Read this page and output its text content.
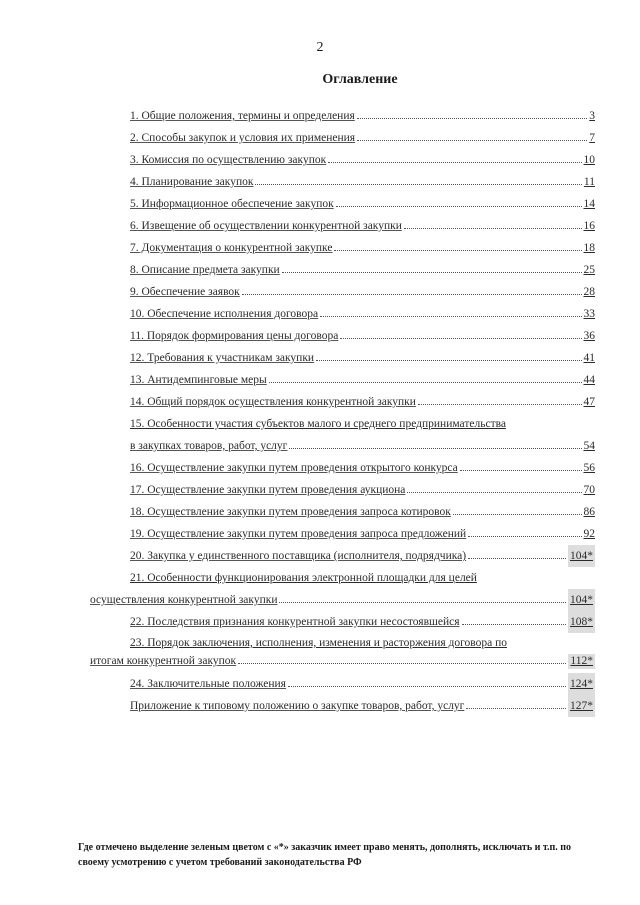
2
Оглавление
1. Общие положения, термины и определения	3
2. Способы закупок и условия их применения	7
3. Комиссия по осуществлению закупок	10
4. Планирование закупок	11
5. Информационное обеспечение закупок	14
6. Извещение об осуществлении конкурентной закупки	16
7. Документация о конкурентной закупке	18
8. Описание предмета закупки	25
9. Обеспечение заявок	28
10. Обеспечение исполнения договора	33
11. Порядок формирования цены договора	36
12. Требования к участникам закупки	41
13. Антидемпинговые меры	44
14. Общий порядок осуществления конкурентной закупки	47
15. Особенности участия субъектов малого и среднего предпринимательства
в закупках товаров, работ, услуг	54
16. Осуществление закупки путем проведения открытого конкурса	56
17. Осуществление закупки путем проведения аукциона	70
18. Осуществление закупки путем проведения запроса котировок	86
19. Осуществление закупки путем проведения запроса предложений	92
20. Закупка у единственного поставщика (исполнителя, подрядчика)	104*
21. Особенности функционирования электронной площадки для целей
осуществления конкурентной закупки	104*
22. Последствия признания конкурентной закупки несостоявшейся	108*
23. Порядок заключения, исполнения, изменения и расторжения договора по
итогам конкурентной закупок	112*
24. Заключительные положения	124*
Приложение к типовому положению о закупке товаров, работ, услуг	127*
Где отмечено выделение зеленым цветом с «*» заказчик имеет право менять, дополнять, исключать и т.п. по своему усмотрению с учетом требований законодательства РФ
